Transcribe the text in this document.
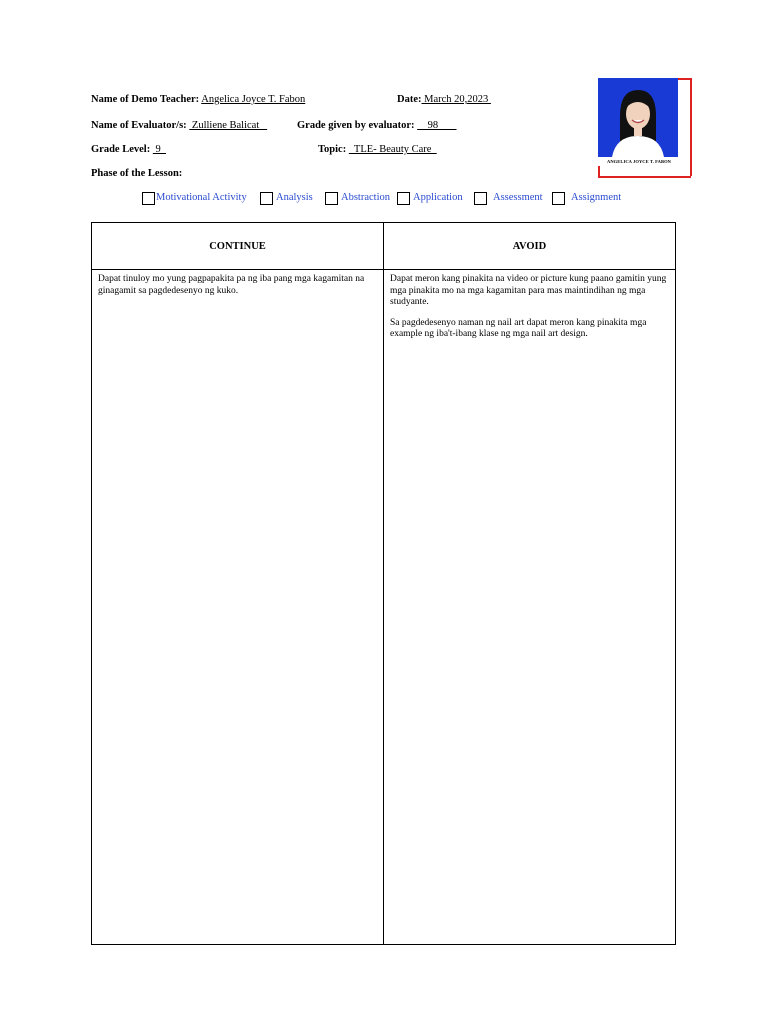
Name of Demo Teacher: Angelica Joyce T. Fabon	Date: March 20,2023
Name of Evaluator/s:  Zulliene Balicat	Grade given by evaluator:     98
Grade Level:  9	Topic:   TLE- Beauty Care
Phase of the Lesson:
ANGELICA JOYCE T. FABON
Motivational Activity	Analysis	Abstraction Application	Assessment	Assignment
CONTINUE	AVOID

Dapat tinuloy mo yung pagpapakita pa ng iba pang mga kagamitan na ginagamit sa pagdedesenyo ng kuko.	Dapat meron kang pinakita na video or picture kung paano gamitin yung mga pinakita mo na mga kagamitan para mas maintindihan ng mga studyante.

Sa pagdedesenyo naman ng nail art dapat meron kang pinakita mga example ng iba't-ibang klase ng mga nail art design.
